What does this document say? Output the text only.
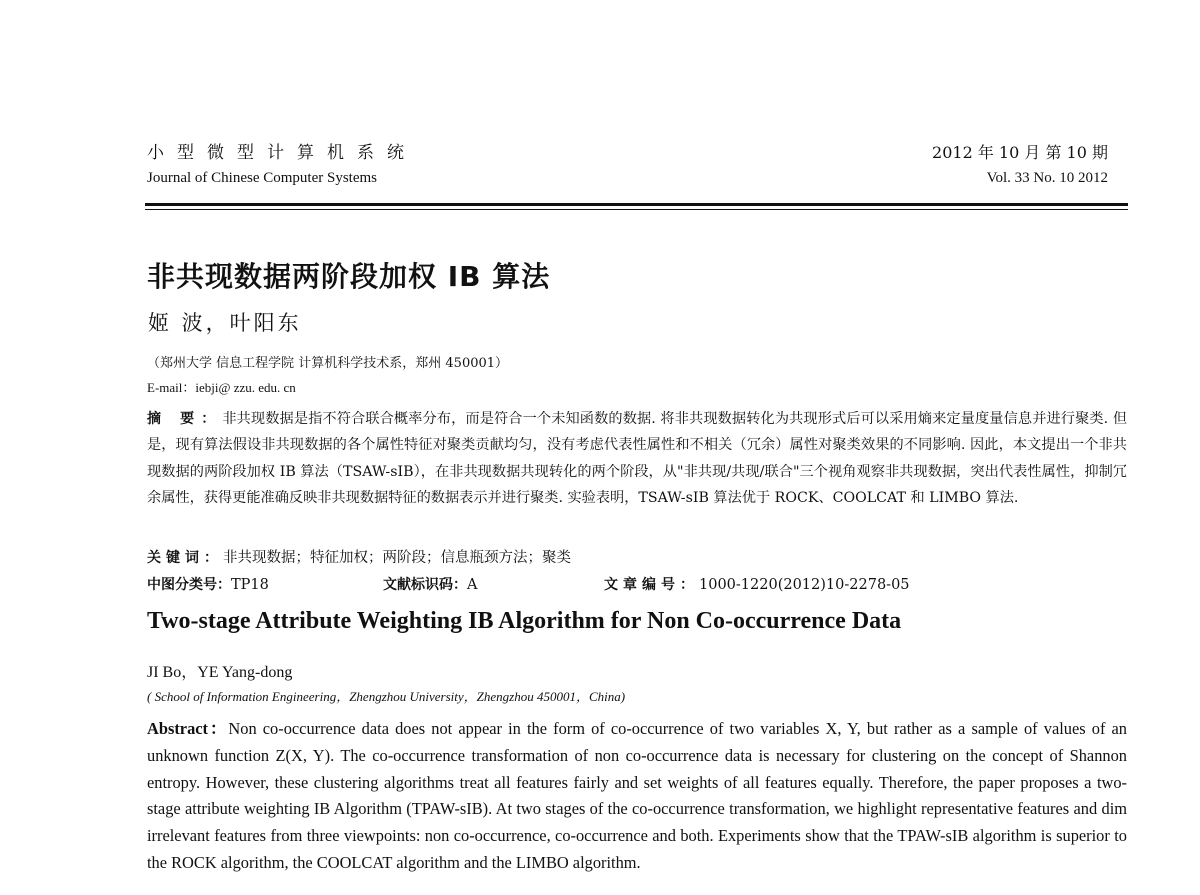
小型微型计算机系统
Journal of Chinese Computer Systems
2012 年 10 月 第 10 期
Vol. 33 No. 10 2012
非共现数据两阶段加权 IB 算法
姬 波，叶阳东
（郑州大学 信息工程学院 计算机科学技术系，郑州 450001）
E-mail：iebji@ zzu. edu. cn
摘 要：非共现数据是指不符合联合概率分布，而是符合一个未知函数的数据. 将非共现数据转化为共现形式后可以采用熵来定量度量信息并进行聚类. 但是，现有算法假设非共现数据的各个属性特征对聚类贡献均匀，没有考虑代表性属性和不相关（冗余）属性对聚类效果的不同影响. 因此，本文提出一个非共现数据的两阶段加权 IB 算法（TSAW-sIB），在非共现数据共现转化的两个阶段，从"非共现/共现/联合"三个视角观察非共现数据，突出代表性属性，抑制冗余属性，获得更能准确反映非共现数据特征的数据表示并进行聚类. 实验表明，TSAW-sIB 算法优于 ROCK、COOLCAT 和 LIMBO 算法.
关键词：非共现数据；特征加权；两阶段；信息瓶颈方法；聚类
中图分类号：TP18	文献标识码：A	文章编号：1000-1220(2012)10-2278-05
Two-stage Attribute Weighting IB Algorithm for Non Co-occurrence Data
JI Bo，YE Yang-dong
( School of Information Engineering，Zhengzhou University，Zhengzhou 450001，China)
Abstract：Non co-occurrence data does not appear in the form of co-occurrence of two variables X, Y, but rather as a sample of values of an unknown function Z(X, Y). The co-occurrence transformation of non co-occurrence data is necessary for clustering on the concept of Shannon entropy. However, these clustering algorithms treat all features fairly and set weights of all features equally. Therefore, the paper proposes a two-stage attribute weighting IB Algorithm (TPAW-sIB). At two stages of the co-occurrence transformation, we highlight representative features and dim irrelevant features from three viewpoints: non co-occurrence, co-occurrence and both. Experiments show that the TPAW-sIB algorithm is superior to the ROCK algorithm, the COOLCAT algorithm and the LIMBO algorithm.
